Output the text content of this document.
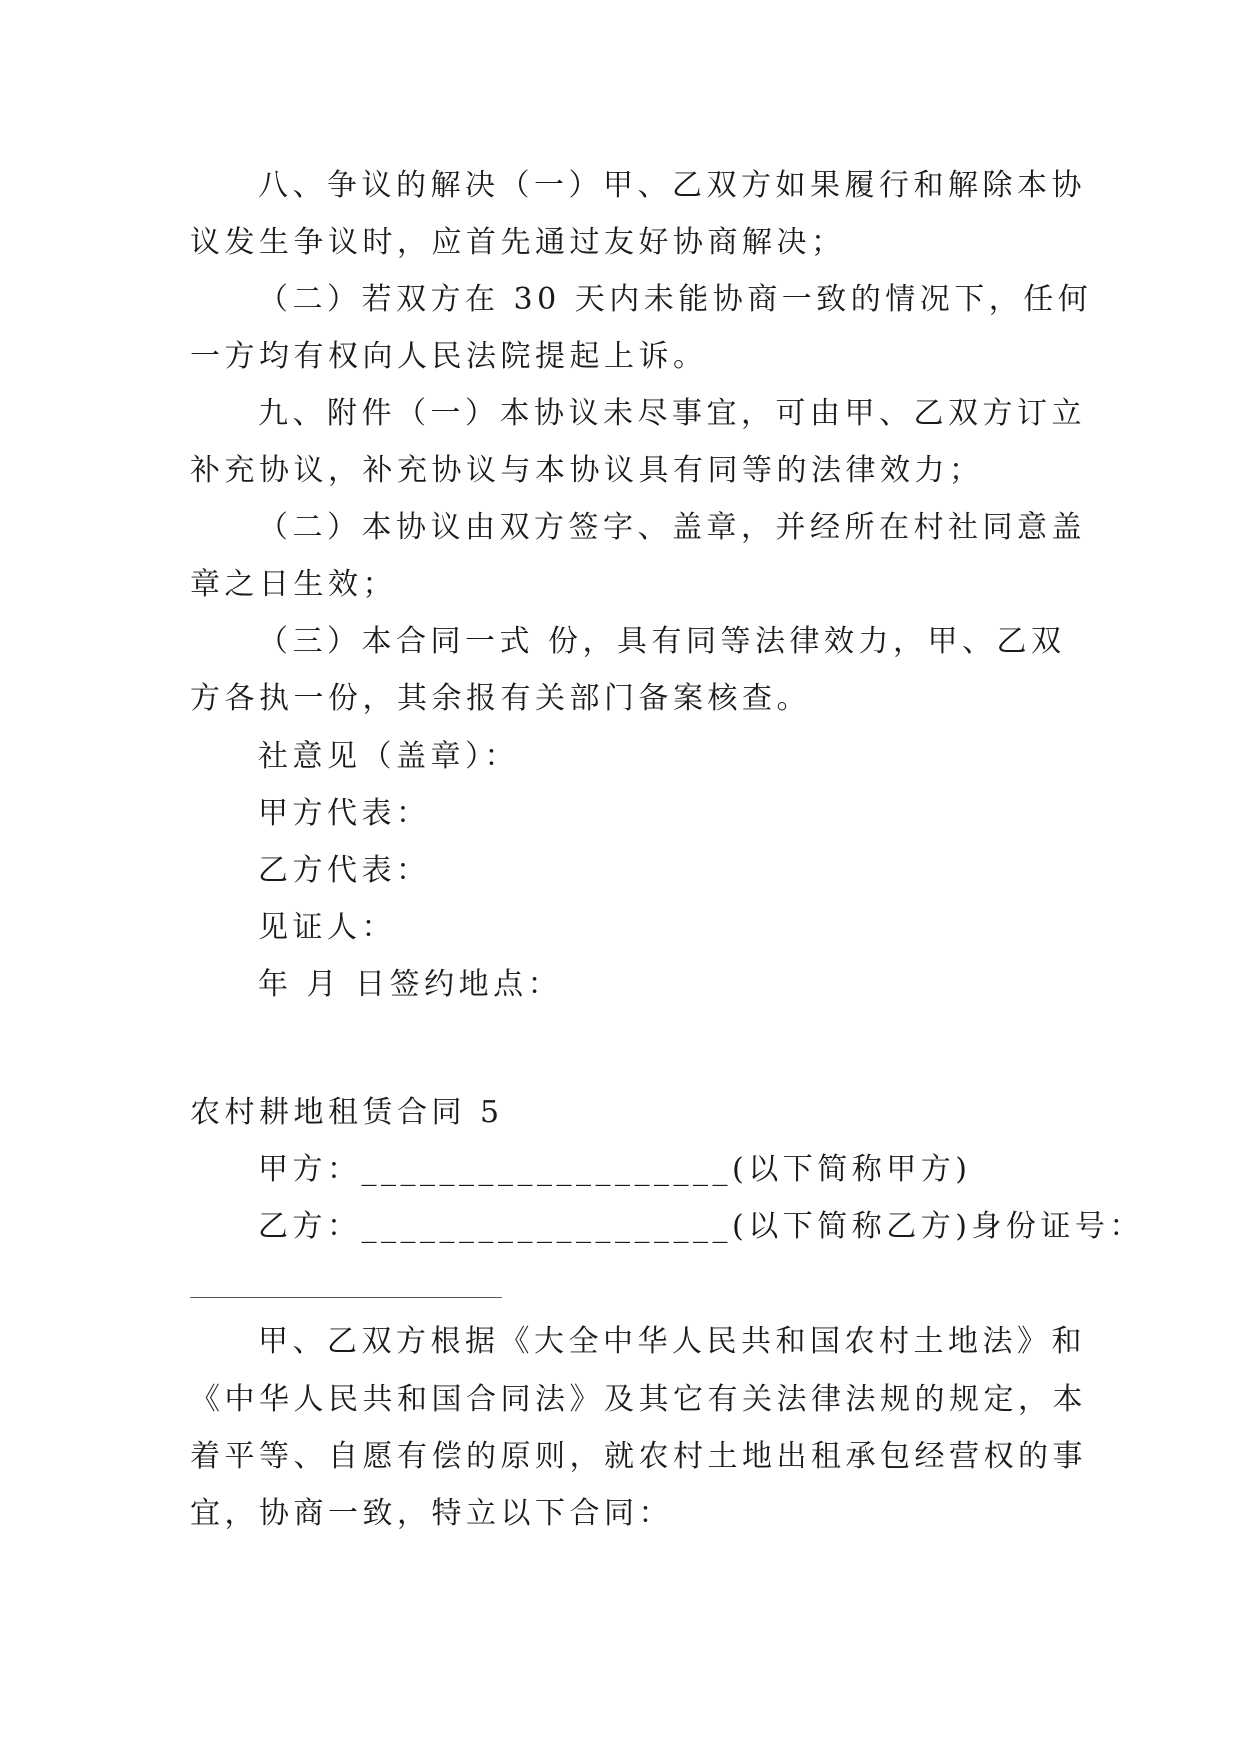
八、争议的解决（一）甲、乙双方如果履行和解除本协
议发生争议时，应首先通过友好协商解决；
（二）若双方在 30 天内未能协商一致的情况下，任何
一方均有权向人民法院提起上诉。
九、附件（一）本协议未尽事宜，可由甲、乙双方订立
补充协议，补充协议与本协议具有同等的法律效力；
（二）本协议由双方签字、盖章，并经所在村社同意盖
章之日生效；
（三）本合同一式 份，具有同等法律效力，甲、乙双
方各执一份，其余报有关部门备案核查。
社意见（盖章）：
甲方代表：
乙方代表：
见证人：
年 月 日签约地点：
农村耕地租赁合同 5
甲方：___________________(以下简称甲方)
乙方：___________________(以下简称乙方)身份证号：
甲、乙双方根据《大全中华人民共和国农村土地法》和
《中华人民共和国合同法》及其它有关法律法规的规定，本
着平等、自愿有偿的原则，就农村土地出租承包经营权的事
宜，协商一致，特立以下合同：
